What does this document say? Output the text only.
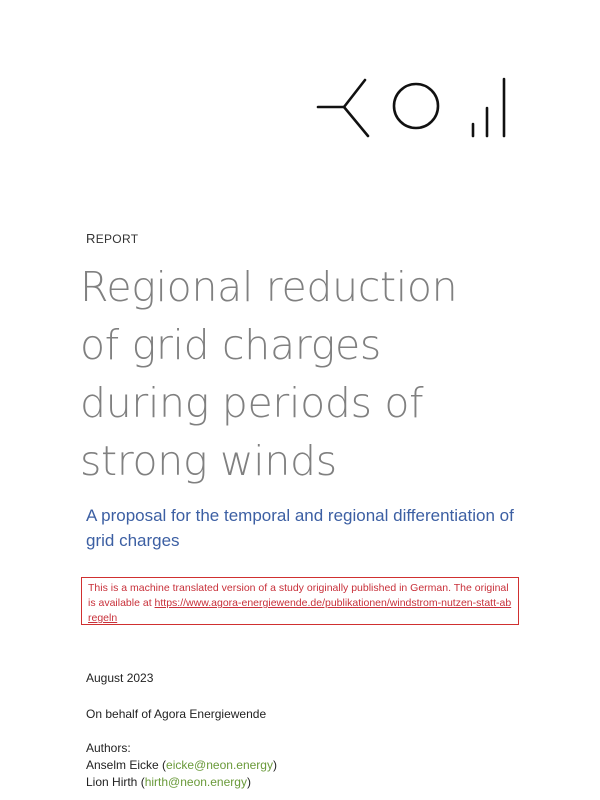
REPORT
Regional reduction
of grid charges
during periods of
strong winds
A proposal for the temporal and regional differentiation of grid charges
This is a machine translated version of a study originally published in German. The original is available at https://www.agora-energiewende.de/publikationen/windstrom-nutzen-statt-abregeln
August 2023
On behalf of Agora Energiewende
Authors:
Anselm Eicke (eicke@neon.energy)
Lion Hirth (hirth@neon.energy)
